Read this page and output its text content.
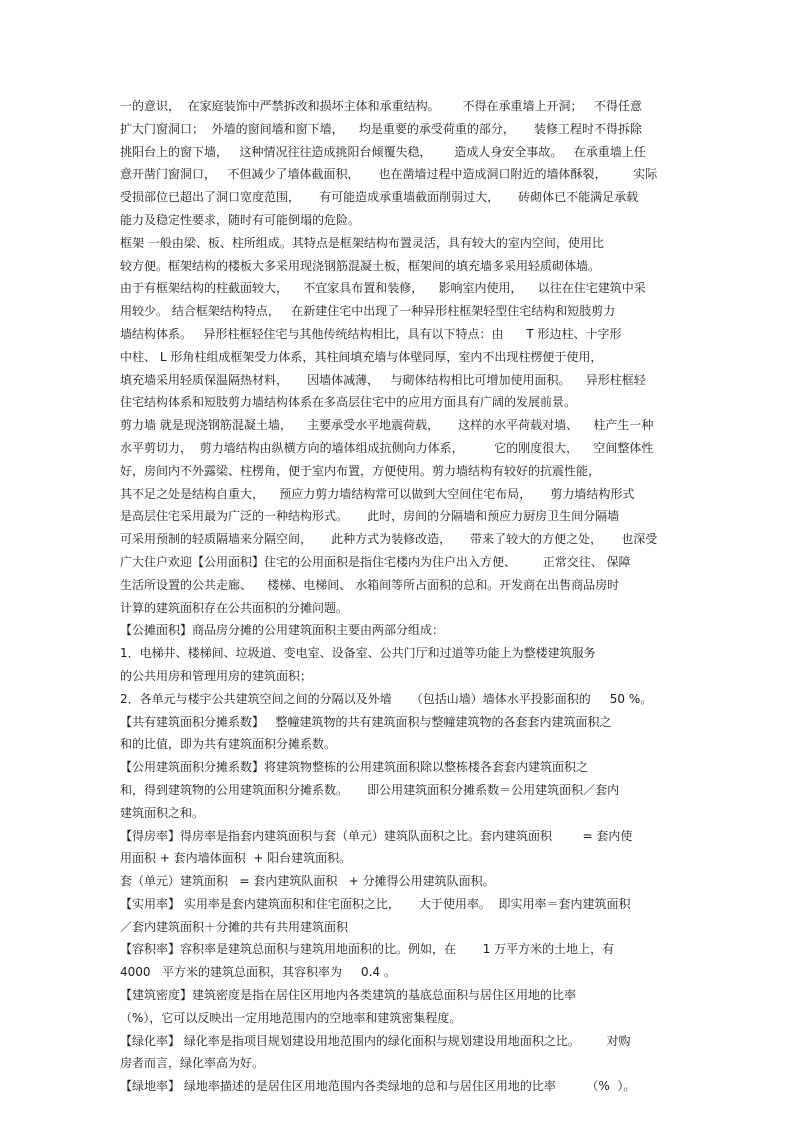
一的意识，  在家庭装饰中严禁拆改和损坏主体和承重结构。      不得在承重墙上开洞；   不得任意
扩大门窗洞口；  外墙的窗间墙和窗下墙，    均是重要的承受荷重的部分，     装修工程时不得拆除
挑阳台上的窗下墙，   这种情况往往造成挑阳台倾覆失稳，      造成人身安全事故。   在承重墙上任
意开凿门窗洞口，   不但减少了墙体截面积，     也在凿墙过程中造成洞口附近的墙体酥裂，       实际
受损部位已超出了洞口宽度范围，     有可能造成承重墙截面削弱过大，     砖砌体已不能满足承载
能力及稳定性要求，随时有可能倒塌的危险。
框架 一般由梁、板、柱所组成。其特点是框架结构布置灵活，具有较大的室内空间，使用比
较方便。框架结构的楼板大多采用现浇钢筋混凝土板，框架间的填充墙多采用轻质砌体墙。
由于有框架结构的柱截面较大，    不宜家具布置和装修，    影响室内使用，    以往在住宅建筑中采
用较少。 结合框架结构特点，   在新建住宅中出现了一种异形柱框架轻型住宅结构和短肢剪力
墙结构体系。   异形柱框轻住宅与其他传统结构相比，具有以下特点：由      T 形边柱、十字形
中柱、 L 形角柱组成框架受力体系，其柱间填充墙与体壁同厚，室内不出现柱楞便于使用，
填充墙采用轻质保温隔热材料，     因墙体减薄，   与砌体结构相比可增加使用面积。    异形柱框轻
住宅结构体系和短肢剪力墙结构体系在多高层住宅中的应用方面具有广阔的发展前景。
剪力墙 就是现浇钢筋混凝土墙，    主要承受水平地震荷载，     这样的水平荷载对墙、    柱产生一种
水平剪切力，  剪力墙结构由纵横方向的墙体组成抗侧向力体系，        它的刚度很大，    空间整体性
好，房间内不外露梁、柱楞角，便于室内布置，方便使用。剪力墙结构有较好的抗震性能，
其不足之处是结构自重大，    预应力剪力墙结构常可以做到大空间住宅布局，     剪力墙结构形式
是高层住宅采用最为广泛的一种结构形式。     此时，房间的分隔墙和预应力厨房卫生间分隔墙
可采用预制的轻质隔墙来分隔空间，     此种方式为装修改造，     带来了较大的方便之处，     也深受
广大住户欢迎【公用面积】住宅的公用面积是指住宅楼内为住户出入方便、       正常交往、 保障
生活所设置的公共走廊、    楼梯、电梯间、 水箱间等所占面积的总和。开发商在出售商品房时
计算的建筑面积存在公共面积的分摊问题。
【公摊面积】商品房分摊的公用建筑面积主要由两部分组成：
1．电梯井、楼梯间、垃圾道、变电室、设备室、公共门厅和过道等功能上为整楼建筑服务
的公共用房和管理用房的建筑面积；
2．各单元与楼宇公共建筑空间之间的分隔以及外墙     （包括山墙）墙体水平投影面积的     50 %。
【共有建筑面积分摊系数】   整幢建筑物的共有建筑面积与整幢建筑物的各套套内建筑面积之
和的比值，即为共有建筑面积分摊系数。
【公用建筑面积分摊系数】将建筑物整栋的公用建筑面积除以整栋楼各套套内建筑面积之
和，得到建筑物的公用建筑面积分摊系数。     即公用建筑面积分摊系数＝公用建筑面积／套内
建筑面积之和。
【得房率】得房率是指套内建筑面积与套（单元）建筑队面积之比。套内建筑面积        = 套内使
用面积 + 套内墙体面积  + 阳台建筑面积。
套（单元）建筑面积   = 套内建筑队面积   + 分摊得公用建筑队面积。
【实用率】 实用率是套内建筑面积和住宅面积之比，     大于使用率。  即实用率＝套内建筑面积
／套内建筑面积＋分摊的共有共用建筑面积
【容积率】容积率是建筑总面积与建筑用地面积的比。例如，在       1 万平方米的土地上，有
4000   平方米的建筑总面积，其容积率为     0.4 。
【建筑密度】建筑密度是指在居住区用地内各类建筑的基底总面积与居住区用地的比率
（%），它可以反映出一定用地范围内的空地率和建筑密集程度。
【绿化率】 绿化率是指项目规划建设用地范围内的绿化面积与规划建设用地面积之比。       对购
房者而言，绿化率高为好。
【绿地率】 绿地率描述的是居住区用地范围内各类绿地的总和与居住区用地的比率        （%  ）。
